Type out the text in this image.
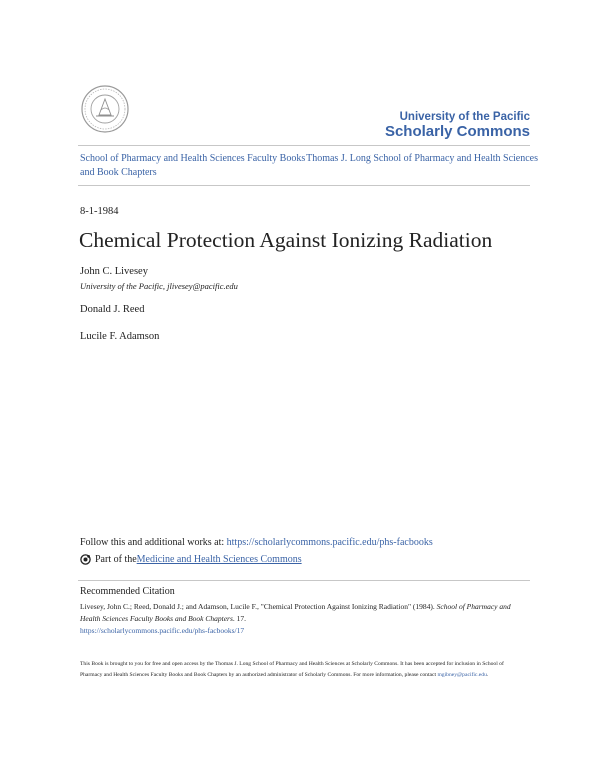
University of the Pacific
Scholarly Commons
School of Pharmacy and Health Sciences Faculty Books and Book Chapters
Thomas J. Long School of Pharmacy and Health Sciences
8-1-1984
Chemical Protection Against Ionizing Radiation
John C. Livesey
University of the Pacific, jlivesey@pacific.edu
Donald J. Reed
Lucile F. Adamson
Follow this and additional works at: https://scholarlycommons.pacific.edu/phs-facbooks
Part of the Medicine and Health Sciences Commons
Recommended Citation
Livesey, John C.; Reed, Donald J.; and Adamson, Lucile F., "Chemical Protection Against Ionizing Radiation" (1984). School of Pharmacy and Health Sciences Faculty Books and Book Chapters. 17.
https://scholarlycommons.pacific.edu/phs-facbooks/17
This Book is brought to you for free and open access by the Thomas J. Long School of Pharmacy and Health Sciences at Scholarly Commons. It has been accepted for inclusion in School of Pharmacy and Health Sciences Faculty Books and Book Chapters by an authorized administrator of Scholarly Commons. For more information, please contact mgibney@pacific.edu.
